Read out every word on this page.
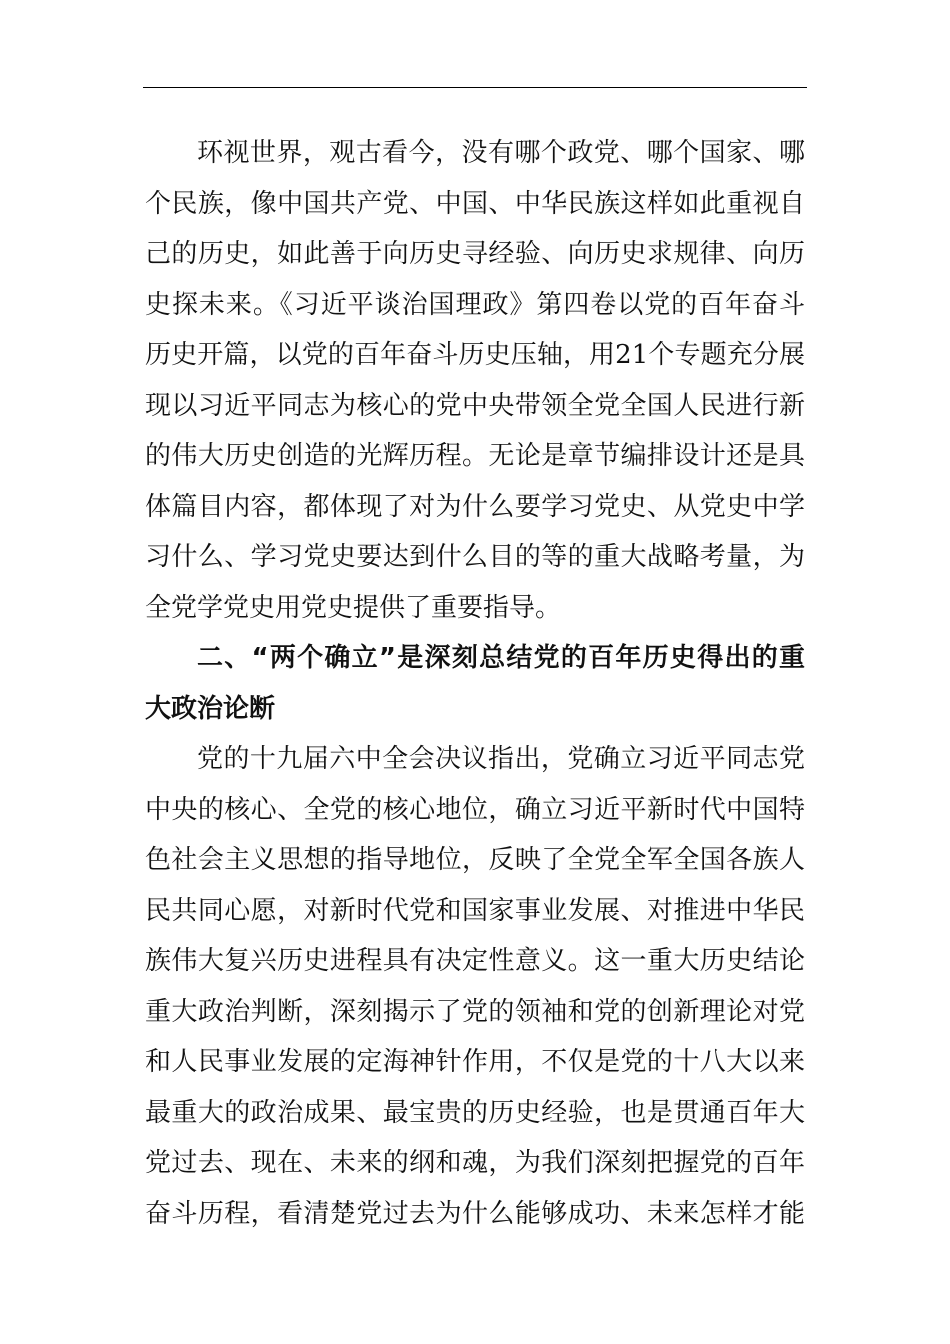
环视世界，观古看今，没有哪个政党、哪个国家、哪
个民族，像中国共产党、中国、中华民族这样如此重视自
己的历史，如此善于向历史寻经验、向历史求规律、向历
史探未来。《习近平谈治国理政》第四卷以党的百年奋斗
历史开篇，以党的百年奋斗历史压轴，用21个专题充分展
现以习近平同志为核心的党中央带领全党全国人民进行新
的伟大历史创造的光辉历程。无论是章节编排设计还是具
体篇目内容，都体现了对为什么要学习党史、从党史中学
习什么、学习党史要达到什么目的等的重大战略考量，为
全党学党史用党史提供了重要指导。
二、“两个确立”是深刻总结党的百年历史得出的重
大政治论断
党的十九届六中全会决议指出，党确立习近平同志党
中央的核心、全党的核心地位，确立习近平新时代中国特
色社会主义思想的指导地位，反映了全党全军全国各族人
民共同心愿，对新时代党和国家事业发展、对推进中华民
族伟大复兴历史进程具有决定性意义。这一重大历史结论
重大政治判断，深刻揭示了党的领袖和党的创新理论对党
和人民事业发展的定海神针作用，不仅是党的十八大以来
最重大的政治成果、最宝贵的历史经验，也是贯通百年大
党过去、现在、未来的纲和魂，为我们深刻把握党的百年
奋斗历程，看清楚党过去为什么能够成功、未来怎样才能
